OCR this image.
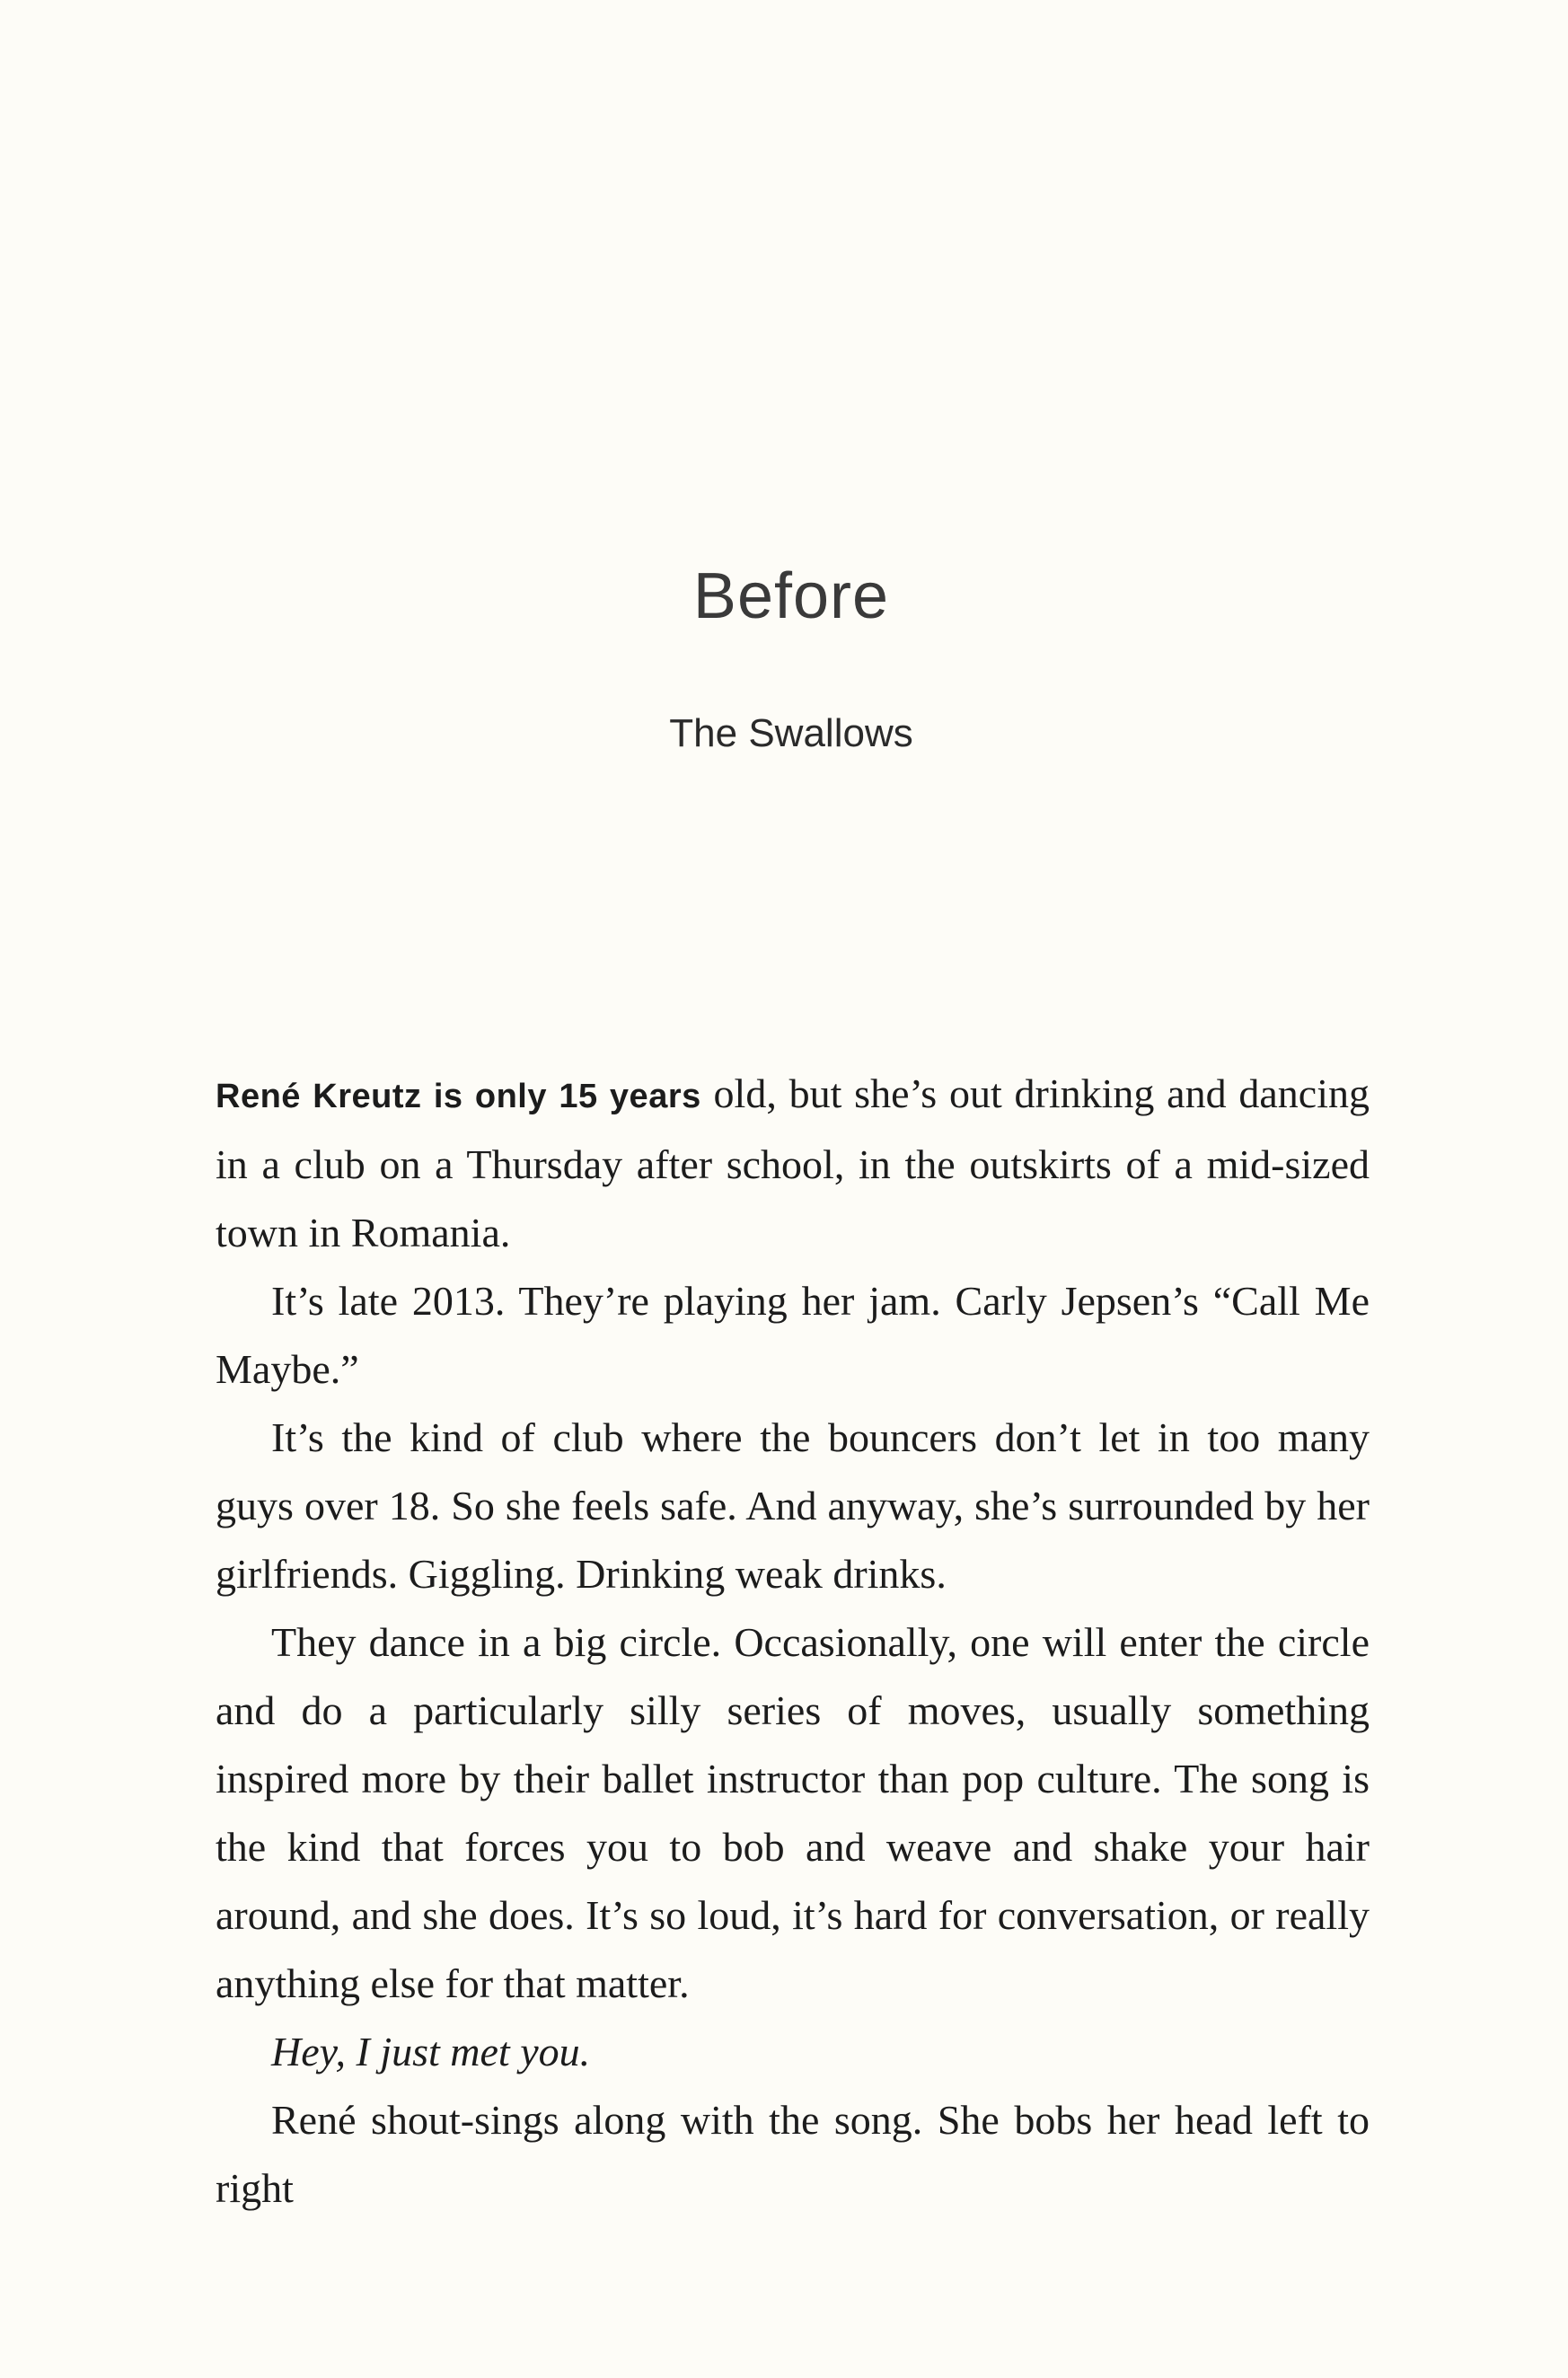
Before
The Swallows

René Kreutz is only 15 years old, but she’s out drinking and dancing in a club on a Thursday after school, in the outskirts of a mid-sized town in Romania.

It’s late 2013. They’re playing her jam. Carly Jepsen’s “Call Me Maybe.”

It’s the kind of club where the bouncers don’t let in too many guys over 18. So she feels safe. And anyway, she’s surrounded by her girlfriends. Giggling. Drinking weak drinks.

They dance in a big circle. Occasionally, one will enter the circle and do a particularly silly series of moves, usually something inspired more by their ballet instructor than pop culture. The song is the kind that forces you to bob and weave and shake your hair around, and she does. It’s so loud, it’s hard for conversation, or really anything else for that matter.

Hey, I just met you.

René shout-sings along with the song. She bobs her head left to right
